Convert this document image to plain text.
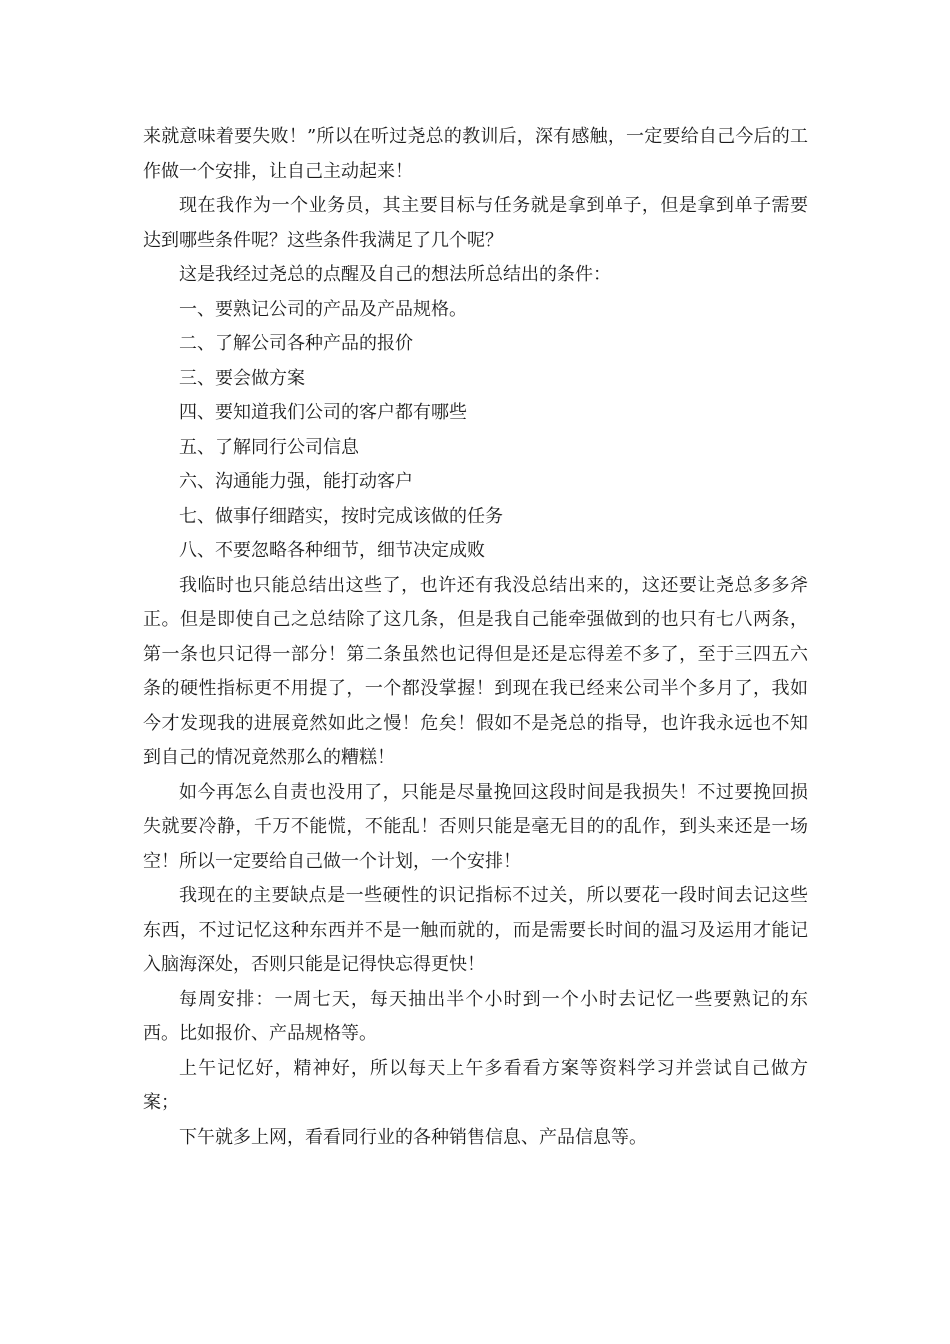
来就意味着要失败！”所以在听过尧总的教训后，深有感触，一定要给自己今后的工作做一个安排，让自己主动起来！

现在我作为一个业务员，其主要目标与任务就是拿到单子，但是拿到单子需要达到哪些条件呢？这些条件我满足了几个呢？

这是我经过尧总的点醒及自己的想法所总结出的条件：

一、要熟记公司的产品及产品规格。

二、了解公司各种产品的报价

三、要会做方案

四、要知道我们公司的客户都有哪些

五、了解同行公司信息

六、沟通能力强，能打动客户

七、做事仔细踏实，按时完成该做的任务

八、不要忽略各种细节，细节决定成败

我临时也只能总结出这些了，也许还有我没总结出来的，这还要让尧总多多斧正。但是即使自己之总结除了这几条，但是我自己能牵强做到的也只有七八两条，第一条也只记得一部分！第二条虽然也记得但是还是忘得差不多了，至于三四五六条的硬性指标更不用提了，一个都没掌握！到现在我已经来公司半个多月了，我如今才发现我的进展竟然如此之慢！危矣！假如不是尧总的指导，也许我永远也不知到自己的情况竟然那么的糟糕！

如今再怎么自责也没用了，只能是尽量挽回这段时间是我损失！不过要挽回损失就要冷静，千万不能慌，不能乱！否则只能是毫无目的的乱作，到头来还是一场空！所以一定要给自己做一个计划，一个安排！

我现在的主要缺点是一些硬性的识记指标不过关，所以要花一段时间去记这些东西，不过记忆这种东西并不是一触而就的，而是需要长时间的温习及运用才能记入脑海深处，否则只能是记得快忘得更快！

每周安排：一周七天，每天抽出半个小时到一个小时去记忆一些要熟记的东西。比如报价、产品规格等。

上午记忆好，精神好，所以每天上午多看看方案等资料学习并尝试自己做方案；

下午就多上网，看看同行业的各种销售信息、产品信息等。
